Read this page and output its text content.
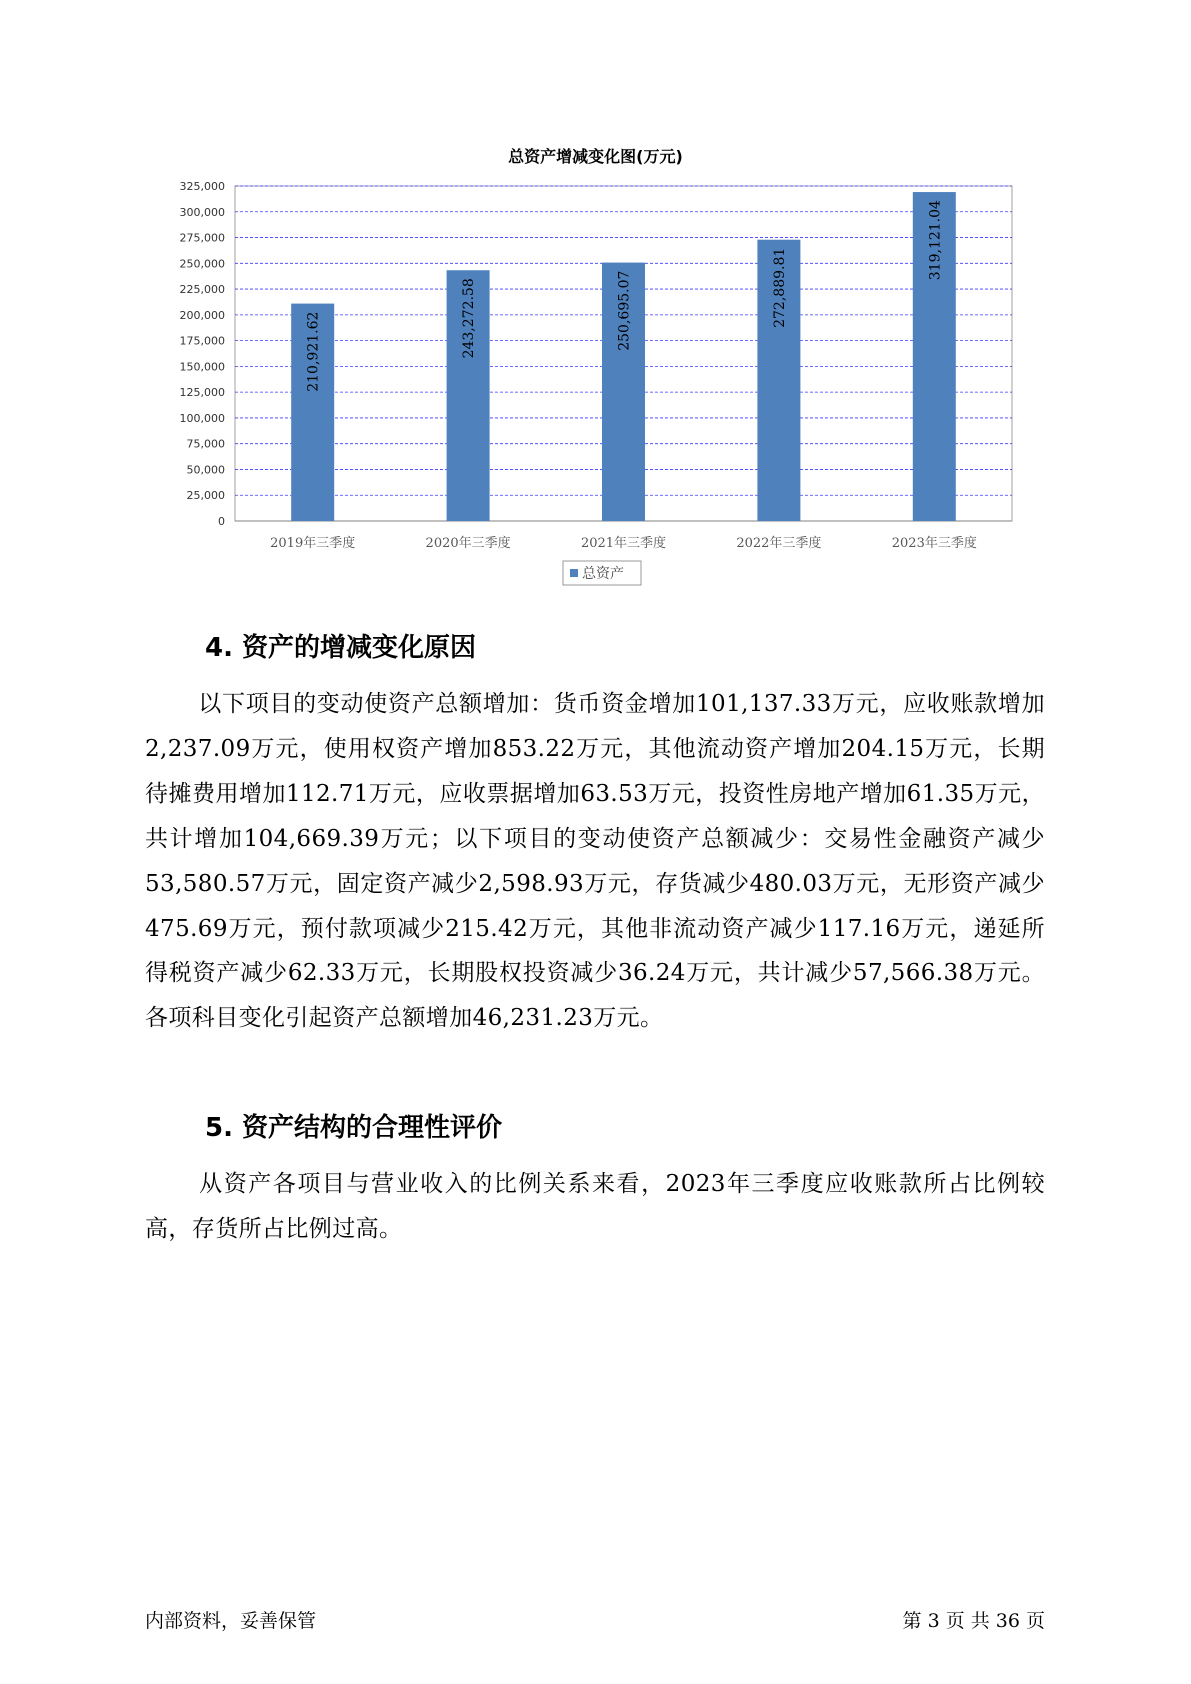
总资产增减变化图(万元)
0
25,000
50,000
75,000
100,000
125,000
150,000
175,000
200,000
225,000
250,000
275,000
300,000
325,000
210,921.62
2019年三季度
243,272.58
2020年三季度
250,695.07
2021年三季度
272,889.81
2022年三季度
319,121.04
2023年三季度
总资产
4. 资产的增减变化原因
以下项目的变动使资产总额增加：货币资金增加101,137.33万元，应收账款增加2,237.09万元，使用权资产增加853.22万元，其他流动资产增加204.15万元，长期待摊费用增加112.71万元，应收票据增加63.53万元，投资性房地产增加61.35万元，共计增加104,669.39万元；以下项目的变动使资产总额减少：交易性金融资产减少53,580.57万元，固定资产减少2,598.93万元，存货减少480.03万元，无形资产减少475.69万元，预付款项减少215.42万元，其他非流动资产减少117.16万元，递延所得税资产减少62.33万元，长期股权投资减少36.24万元，共计减少57,566.38万元。各项科目变化引起资产总额增加46,231.23万元。
5. 资产结构的合理性评价
从资产各项目与营业收入的比例关系来看，2023年三季度应收账款所占比例较高，存货所占比例过高。
内部资料，妥善保管	第 3 页 共 36 页
